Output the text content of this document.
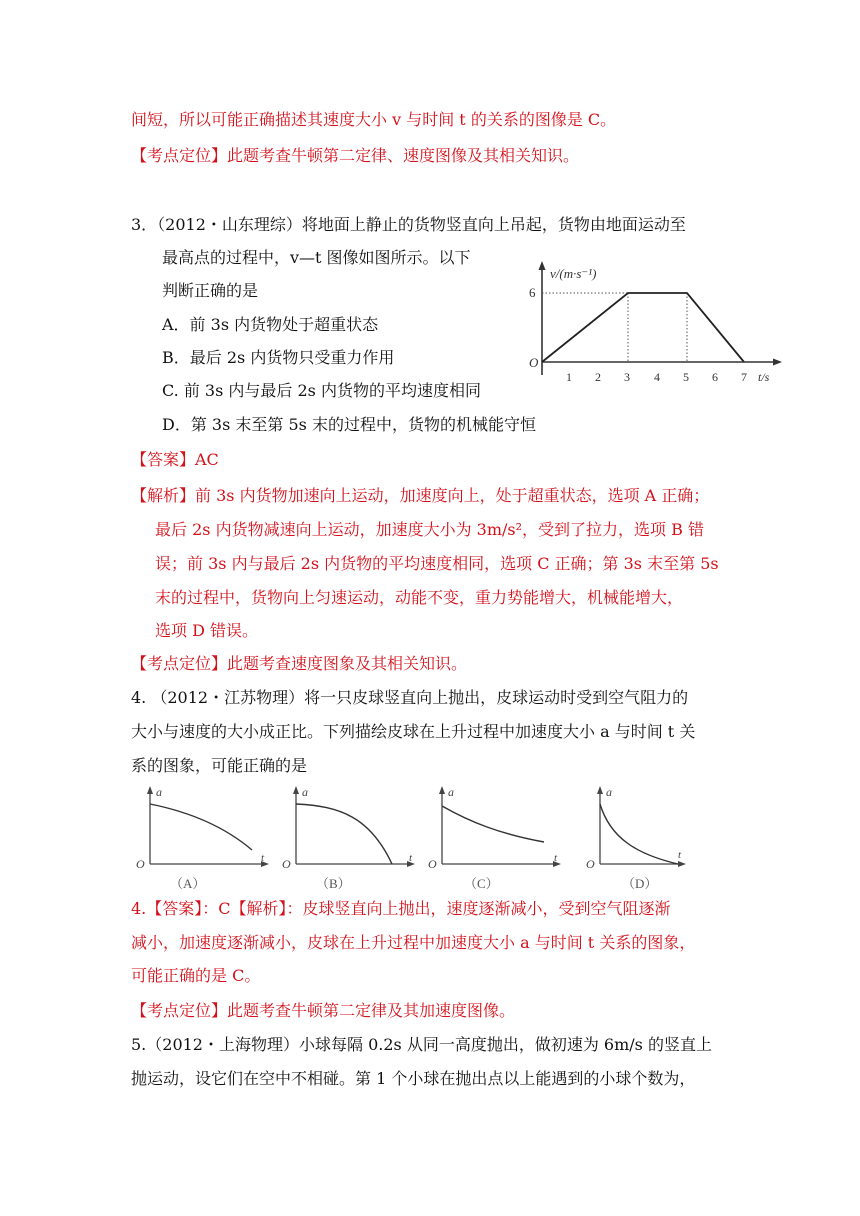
间短，所以可能正确描述其速度大小 v 与时间 t 的关系的图像是 C。
【考点定位】此题考查牛顿第二定律、速度图像及其相关知识。
3．（2012・山东理综）将地面上静止的货物竖直向上吊起，货物由地面运动至
最高点的过程中，v—t 图像如图所示。以下
判断正确的是
A．前 3s 内货物处于超重状态
B．最后 2s 内货物只受重力作用
C. 前 3s 内与最后 2s 内货物的平均速度相同
D．第 3s 末至第 5s 末的过程中，货物的机械能守恒
【答案】AC
【解析】前 3s 内货物加速向上运动，加速度向上，处于超重状态，选项 A 正确；
最后 2s 内货物减速向上运动，加速度大小为 3m/s²，受到了拉力，选项 B 错
误；前 3s 内与最后 2s 内货物的平均速度相同，选项 C 正确；第 3s 末至第 5s
末的过程中，货物向上匀速运动，动能不变，重力势能增大，机械能增大，
选项 D 错误。
【考点定位】此题考查速度图象及其相关知识。
4. （2012・江苏物理）将一只皮球竖直向上抛出，皮球运动时受到空气阻力的
大小与速度的大小成正比。下列描绘皮球在上升过程中加速度大小 a 与时间 t 关
系的图象，可能正确的是
4.【答案】：C【解析】：皮球竖直向上抛出，速度逐渐减小，受到空气阻逐渐
减小，加速度逐渐减小，皮球在上升过程中加速度大小 a 与时间 t 关系的图象，
可能正确的是 C。
【考点定位】此题考查牛顿第二定律及其加速度图像。
5.（2012・上海物理）小球每隔 0.2s 从同一高度抛出，做初速为 6m/s 的竖直上
抛运动，设它们在空中不相碰。第 1 个小球在抛出点以上能遇到的小球个数为，
v/(m·s⁻¹)
t/s
O
6
1 2 3 4 5 6 7
a
t
O
（A）
a
t
O
（B）
a
t
O
（C）
a
t
O
（D）
